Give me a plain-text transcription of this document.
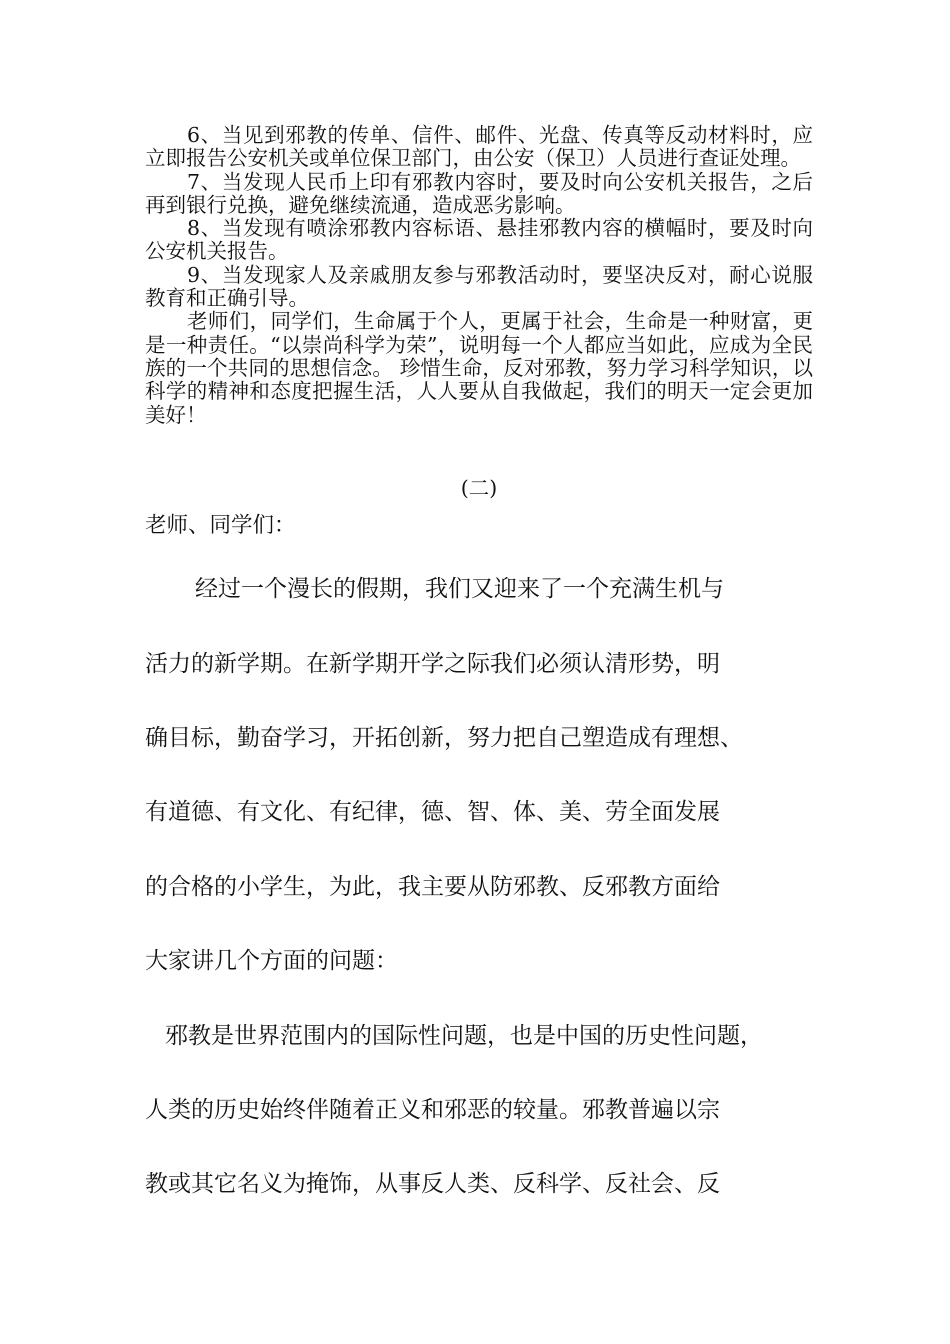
6、当见到邪教的传单、信件、邮件、光盘、传真等反动材料时，应立即报告公安机关或单位保卫部门，由公安（保卫）人员进行查证处理。

7、当发现人民币上印有邪教内容时，要及时向公安机关报告，之后再到银行兑换，避免继续流通，造成恶劣影响。

8、当发现有喷涂邪教内容标语、悬挂邪教内容的横幅时，要及时向公安机关报告。

9、当发现家人及亲戚朋友参与邪教活动时，要坚决反对，耐心说服教育和正确引导。

老师们，同学们，生命属于个人，更属于社会，生命是一种财富，更是一种责任。“以崇尚科学为荣”，说明每一个人都应当如此，应成为全民族的一个共同的思想信念。 珍惜生命，反对邪教，努力学习科学知识，以科学的精神和态度把握生活，人人要从自我做起，我们的明天一定会更加美好！

(二)
老师、同学们：
经过一个漫长的假期，我们又迎来了一个充满生机与
活力的新学期。在新学期开学之际我们必须认清形势，明
确目标，勤奋学习，开拓创新，努力把自己塑造成有理想、
有道德、有文化、有纪律，德、智、体、美、劳全面发展
的合格的小学生，为此，我主要从防邪教、反邪教方面给
大家讲几个方面的问题：
邪教是世界范围内的国际性问题，也是中国的历史性问题，
人类的历史始终伴随着正义和邪恶的较量。邪教普遍以宗
教或其它名义为掩饰，从事反人类、反科学、反社会、反
